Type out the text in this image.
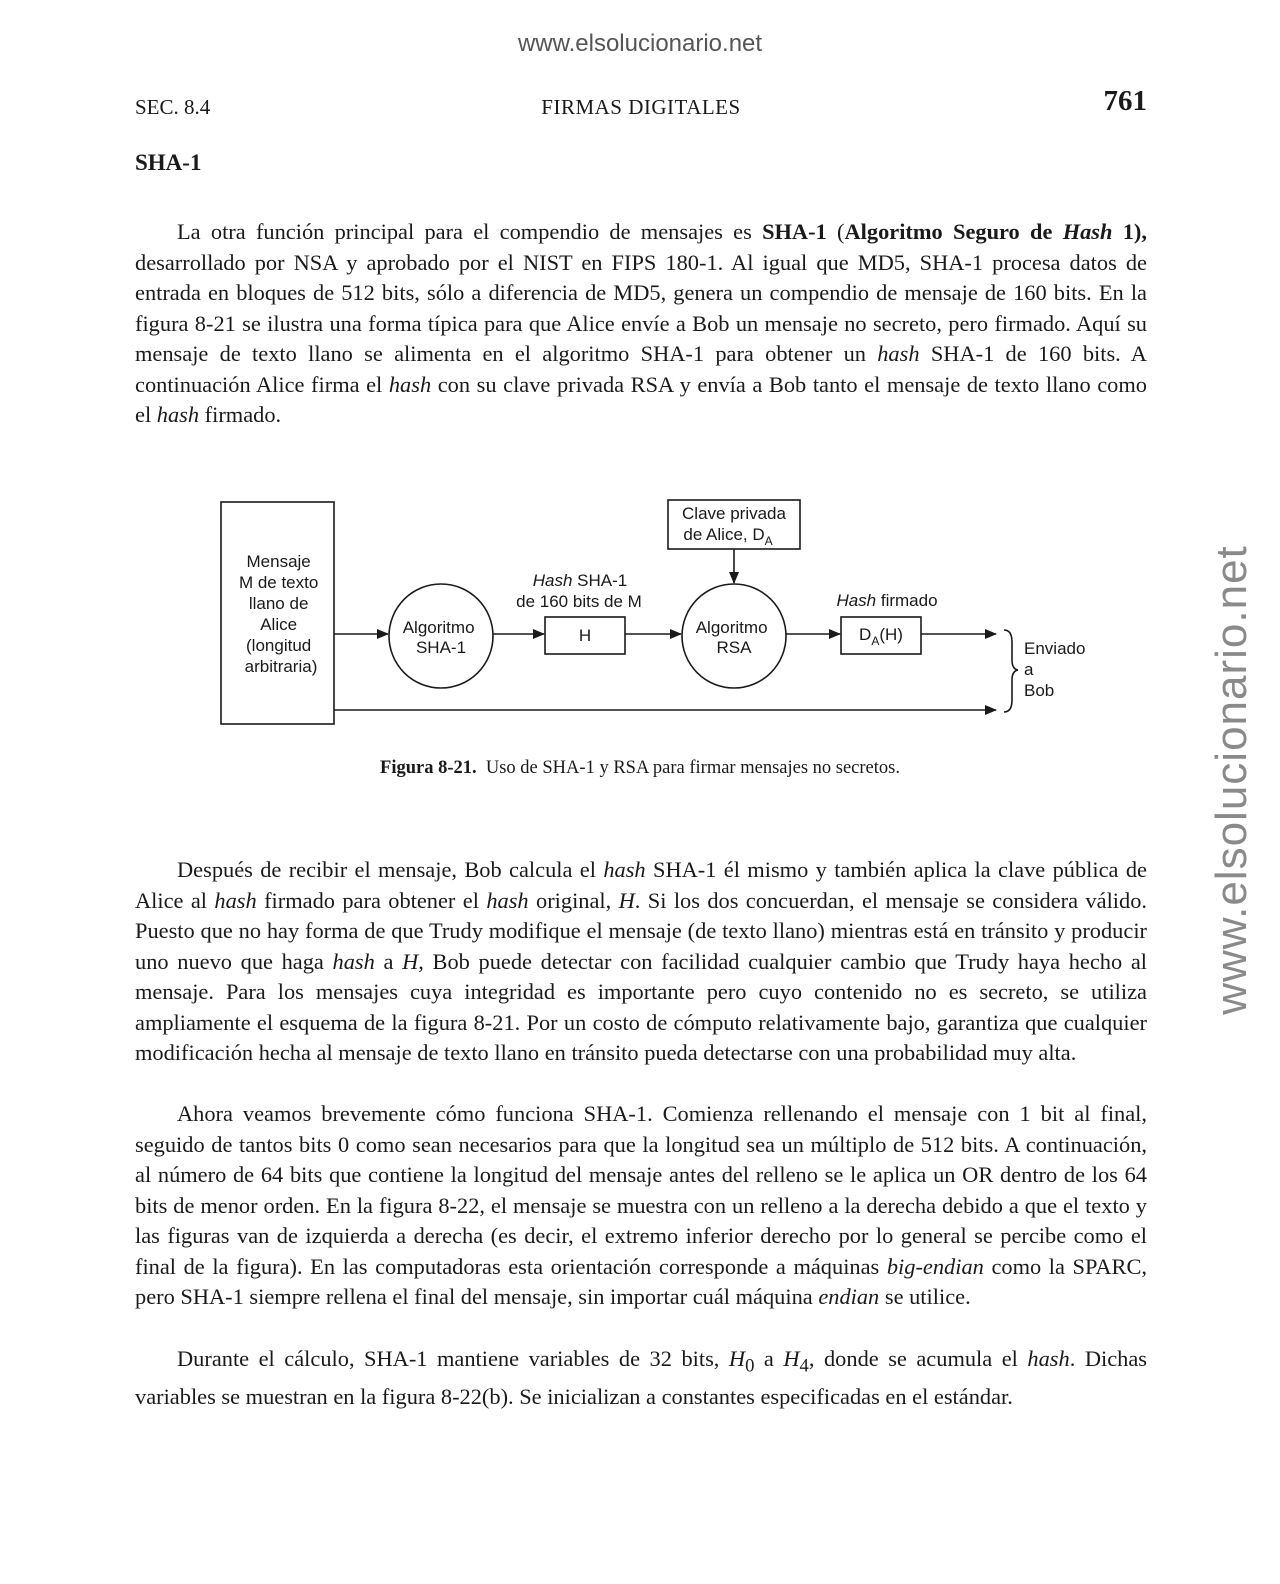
www.elsolucionario.net
www.elsolucionario.net
SEC. 8.4	FIRMAS DIGITALES	761
SHA-1

La otra función principal para el compendio de mensajes es SHA-1 (Algoritmo Seguro de Hash 1), desarrollado por NSA y aprobado por el NIST en FIPS 180-1. Al igual que MD5, SHA-1 procesa datos de entrada en bloques de 512 bits, sólo a diferencia de MD5, genera un compendio de mensaje de 160 bits. En la figura 8-21 se ilustra una forma típica para que Alice envíe a Bob un mensaje no secreto, pero firmado. Aquí su mensaje de texto llano se alimenta en el algoritmo SHA-1 para obtener un hash SHA-1 de 160 bits. A continuación Alice firma el hash con su clave privada RSA y envía a Bob tanto el mensaje de texto llano como el hash firmado.

Mensaje M de texto llano de Alice (longitud arbitraria)
Algoritmo SHA-1
Hash SHA-1
de 160 bits de M
H
Clave privada
de Alice, $D_A$
Algoritmo RSA
Hash firmado
$D_A(H)$
Enviado a Bob
Figura 8-21.  Uso de SHA-1 y RSA para firmar mensajes no secretos.

Después de recibir el mensaje, Bob calcula el hash SHA-1 él mismo y también aplica la clave pública de Alice al hash firmado para obtener el hash original, H. Si los dos concuerdan, el mensaje se considera válido. Puesto que no hay forma de que Trudy modifique el mensaje (de texto llano) mientras está en tránsito y producir uno nuevo que haga hash a H, Bob puede detectar con facilidad cualquier cambio que Trudy haya hecho al mensaje. Para los mensajes cuya integridad es importante pero cuyo contenido no es secreto, se utiliza ampliamente el esquema de la figura 8-21. Por un costo de cómputo relativamente bajo, garantiza que cualquier modificación hecha al mensaje de texto llano en tránsito pueda detectarse con una probabilidad muy alta.

Ahora veamos brevemente cómo funciona SHA-1. Comienza rellenando el mensaje con 1 bit al final, seguido de tantos bits 0 como sean necesarios para que la longitud sea un múltiplo de 512 bits. A continuación, al número de 64 bits que contiene la longitud del mensaje antes del relleno se le aplica un OR dentro de los 64 bits de menor orden. En la figura 8-22, el mensaje se muestra con un relleno a la derecha debido a que el texto y las figuras van de izquierda a derecha (es decir, el extremo inferior derecho por lo general se percibe como el final de la figura). En las computadoras esta orientación corresponde a máquinas big-endian como la SPARC, pero SHA-1 siempre rellena el final del mensaje, sin importar cuál máquina endian se utilice.

Durante el cálculo, SHA-1 mantiene variables de 32 bits, $H_0$ a $H_4$, donde se acumula el hash. Dichas variables se muestran en la figura 8-22(b). Se inicializan a constantes especificadas en el estándar.
